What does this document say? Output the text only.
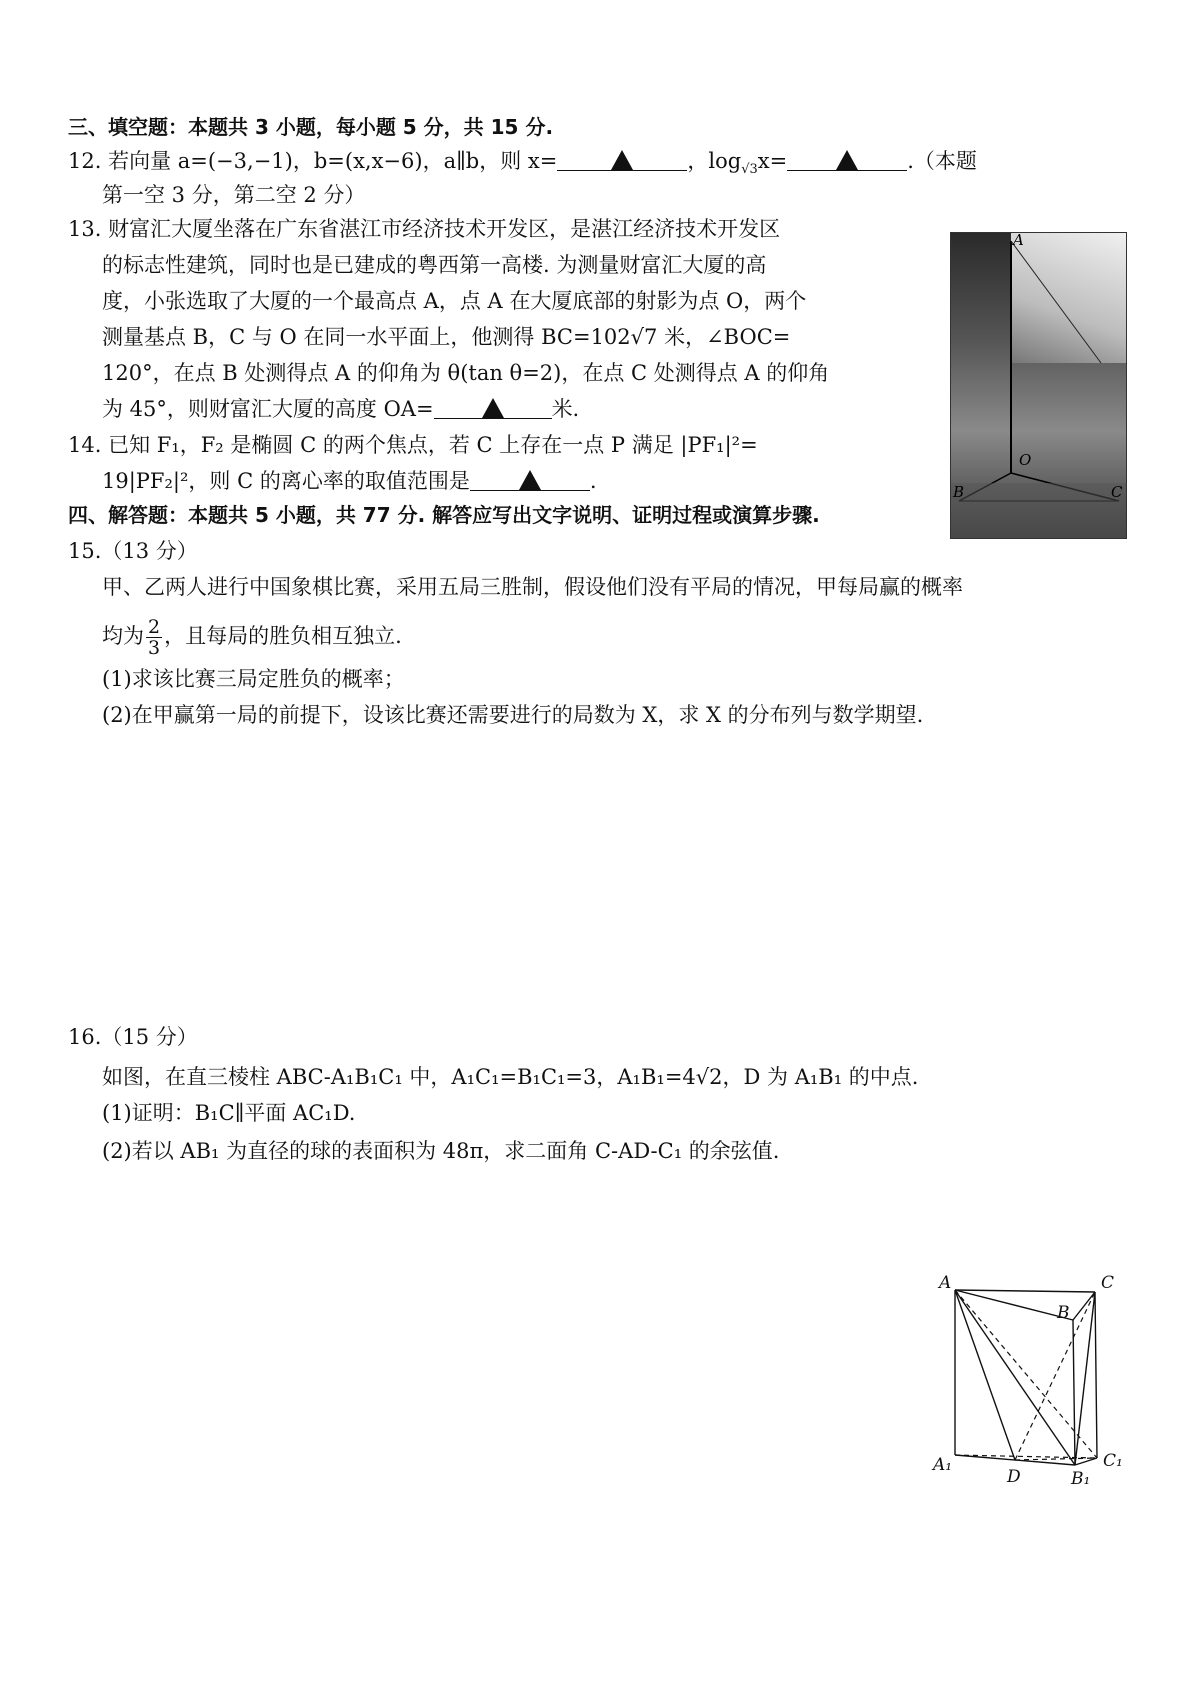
三、填空题：本题共 3 小题，每小题 5 分，共 15 分.
12. 若向量 a=(−3,−1)，b=(x,x−6)，a∥b，则 x=	，$\log_{√3}x=$	.（本题
第一空 3 分，第二空 2 分）
13. 财富汇大厦坐落在广东省湛江市经济技术开发区，是湛江经济技术开发区
的标志性建筑，同时也是已建成的粤西第一高楼. 为测量财富汇大厦的高
度，小张选取了大厦的一个最高点 A，点 A 在大厦底部的射影为点 O，两个
测量基点 B，C 与 O 在同一水平面上，他测得 BC=102√7 米，∠BOC=
120°，在点 B 处测得点 A 的仰角为 θ(tan θ=2)，在点 C 处测得点 A 的仰角
为 45°，则财富汇大厦的高度 OA=	米.
A
O
B	C
14. 已知 F₁，F₂ 是椭圆 C 的两个焦点，若 C 上存在一点 P 满足 |PF₁|²=
19|PF₂|²，则 C 的离心率的取值范围是	.
四、解答题：本题共 5 小题，共 77 分. 解答应写出文字说明、证明过程或演算步骤.
15.（13 分）
甲、乙两人进行中国象棋比赛，采用五局三胜制，假设他们没有平局的情况，甲每局赢的概率
均为 $\frac{2}{3}$ ，且每局的胜负相互独立.
(1)求该比赛三局定胜负的概率；
(2)在甲赢第一局的前提下，设该比赛还需要进行的局数为 X，求 X 的分布列与数学期望.
16.（15 分）
如图，在直三棱柱 ABC-A₁B₁C₁ 中，A₁C₁=B₁C₁=3，A₁B₁=4√2，D 为 A₁B₁ 的中点.
(1)证明：B₁C∥平面 AC₁D.
(2)若以 AB₁ 为直径的球的表面积为 48π，求二面角 C-AD-C₁ 的余弦值.
A
B
C
A₁	C₁
D	B₁
